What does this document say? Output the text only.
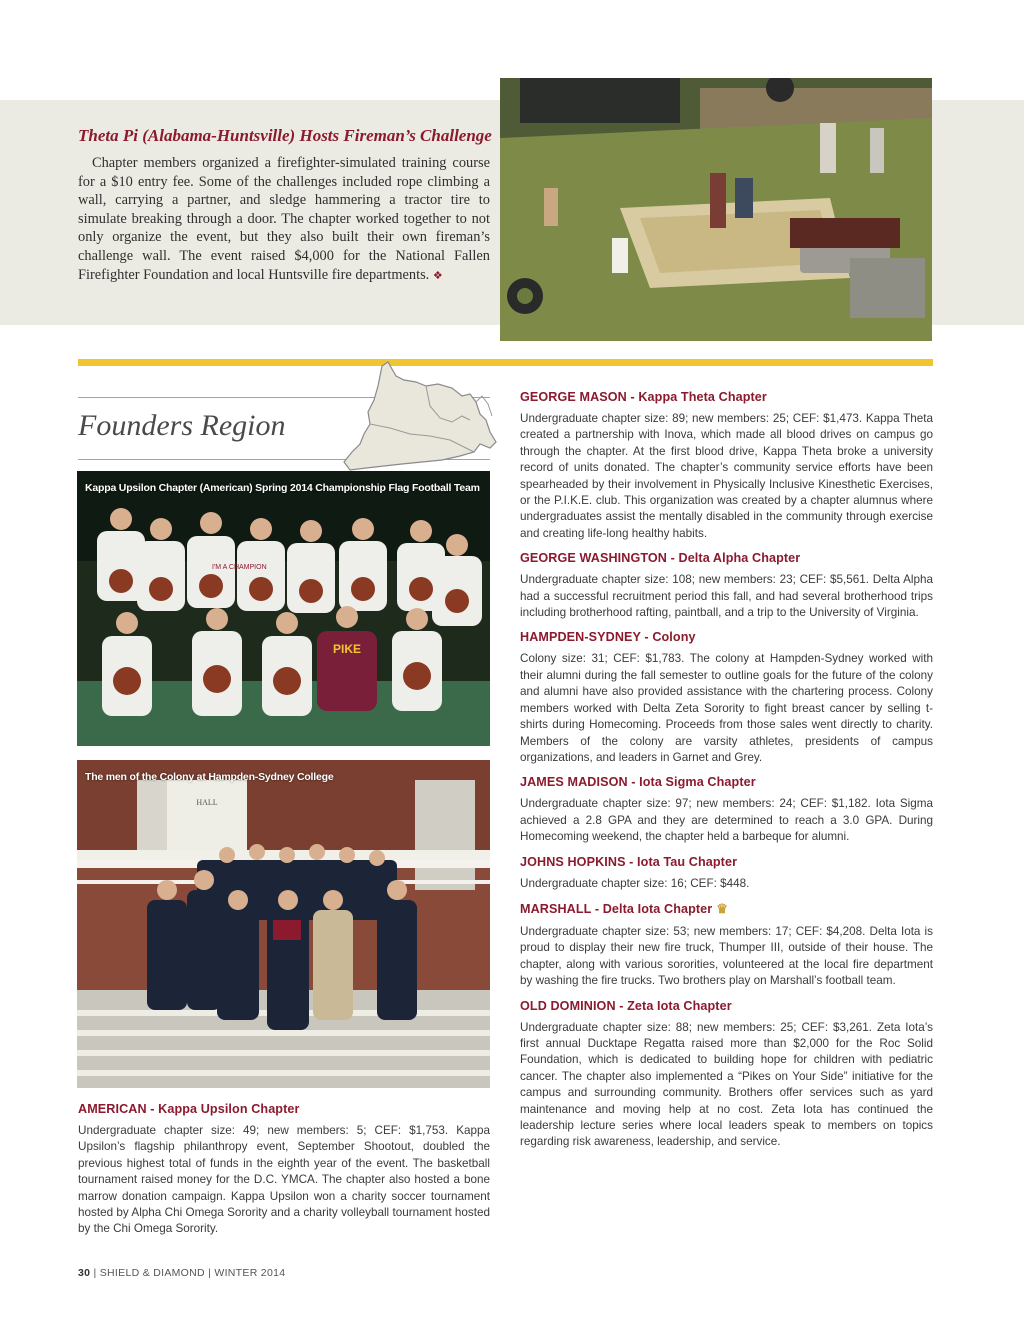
Theta Pi (Alabama-Huntsville) Hosts Fireman’s Challenge

Chapter members organized a firefighter-simulated training course for a $10 entry fee. Some of the challenges included rope climbing a wall, carrying a partner, and sledge hammering a tractor tire to simulate breaking through a door. The chapter worked together to not only organize the event, but they also built their own fireman’s challenge wall. The event raised $4,000 for the National Fallen Firefighter Foundation and local Huntsville fire departments. ❖

Founders Region
PIKE
I'M A CHAMPION
Kappa Upsilon Chapter (American) Spring 2014 Championship Flag Football Team
HALL
The men of the Colony at Hampden-Sydney College
AMERICAN - Kappa Upsilon Chapter

Undergraduate chapter size: 49; new members: 5; CEF: $1,753. Kappa Upsilon’s flagship philanthropy event, September Shootout, doubled the previous highest total of funds in the eighth year of the event. The basketball tournament raised money for the D.C. YMCA. The chapter also hosted a bone marrow donation campaign. Kappa Upsilon won a charity soccer tournament hosted by Alpha Chi Omega Sorority and a charity volleyball tournament hosted by the Chi Omega Sorority.

GEORGE MASON - Kappa Theta Chapter

Undergraduate chapter size: 89; new members: 25; CEF: $1,473. Kappa Theta created a partnership with Inova, which made all blood drives on campus go through the chapter. At the first blood drive, Kappa Theta broke a university record of units donated. The chapter’s community service efforts have been spearheaded by their involvement in Physically Inclusive Kinesthetic Exercises, or the P.I.K.E. club. This organization was created by a chapter alumnus where undergraduates assist the mentally disabled in the community through exercise and creating life-long healthy habits.

GEORGE WASHINGTON - Delta Alpha Chapter

Undergraduate chapter size: 108; new members: 23; CEF: $5,561. Delta Alpha had a successful recruitment period this fall, and had several brotherhood trips including brotherhood rafting, paintball, and a trip to the University of Virginia.

HAMPDEN-SYDNEY - Colony

Colony size: 31; CEF: $1,783. The colony at Hampden-Sydney worked with their alumni during the fall semester to outline goals for the future of the colony and alumni have also provided assistance with the chartering process. Colony members worked with Delta Zeta Sorority to fight breast cancer by selling t-shirts during Homecoming. Proceeds from those sales went directly to charity. Members of the colony are varsity athletes, presidents of campus organizations, and leaders in Garnet and Grey.

JAMES MADISON - Iota Sigma Chapter

Undergraduate chapter size: 97; new members: 24; CEF: $1,182. Iota Sigma achieved a 2.8 GPA and they are determined to reach a 3.0 GPA. During Homecoming weekend, the chapter held a barbeque for alumni.

JOHNS HOPKINS - Iota Tau Chapter

Undergraduate chapter size: 16; CEF: $448.

MARSHALL - Delta Iota Chapter ♛

Undergraduate chapter size: 53; new members: 17; CEF: $4,208. Delta Iota is proud to display their new fire truck, Thumper III, outside of their house. The chapter, along with various sororities, volunteered at the local fire department by washing the fire trucks. Two brothers play on Marshall’s football team.

OLD DOMINION - Zeta Iota Chapter

Undergraduate chapter size: 88; new members: 25; CEF: $3,261. Zeta Iota’s first annual Ducktape Regatta raised more than $2,000 for the Roc Solid Foundation, which is dedicated to building hope for children with pediatric cancer. The chapter also implemented a “Pikes on Your Side” initiative for the campus and surrounding community. Brothers offer services such as yard maintenance and moving help at no cost. Zeta Iota has continued the leadership lecture series where local leaders speak to members on topics regarding risk awareness, leadership, and service.

30 | SHIELD & DIAMOND | WINTER 2014
